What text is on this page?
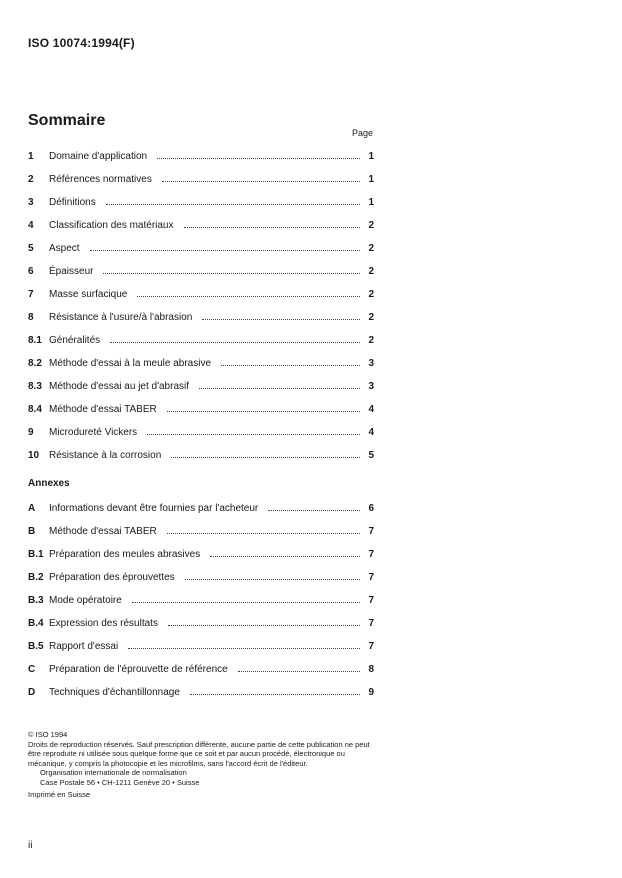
ISO 10074:1994(F)
Sommaire
Page
1	Domaine d'application	1
2	Références normatives	1
3	Définitions	1
4	Classification des matériaux	2
5	Aspect	2
6	Épaisseur	2
7	Masse surfacique	2
8	Résistance à l'usure/à l'abrasion	2
8.1 Généralités	2
8.2 Méthode d'essai à la meule abrasive	3
8.3 Méthode d'essai au jet d'abrasif	3
8.4 Méthode d'essai TABER	4
9	Microdureté Vickers	4
10 Résistance à la corrosion	5
Annexes
A	Informations devant être fournies par l'acheteur	6
B	Méthode d'essai TABER	7
B.1 Préparation des meules abrasives	7
B.2 Préparation des éprouvettes	7
B.3 Mode opératoire	7
B.4 Expression des résultats	7
B.5 Rapport d'essai	7
C	Préparation de l'éprouvette de référence	8
D	Techniques d'échantillonnage	9
© ISO 1994
Droits de reproduction réservés. Sauf prescription différente, aucune partie de cette publication ne peut être reproduite ni utilisée sous quelque forme que ce soit et par aucun procédé, électronique ou mécanique, y compris la photocopie et les microfilms, sans l'accord écrit de l'éditeur.
Organisation internationale de normalisation
Case Postale 56 • CH-1211 Genève 20 • Suisse
Imprimé en Suisse
ii
